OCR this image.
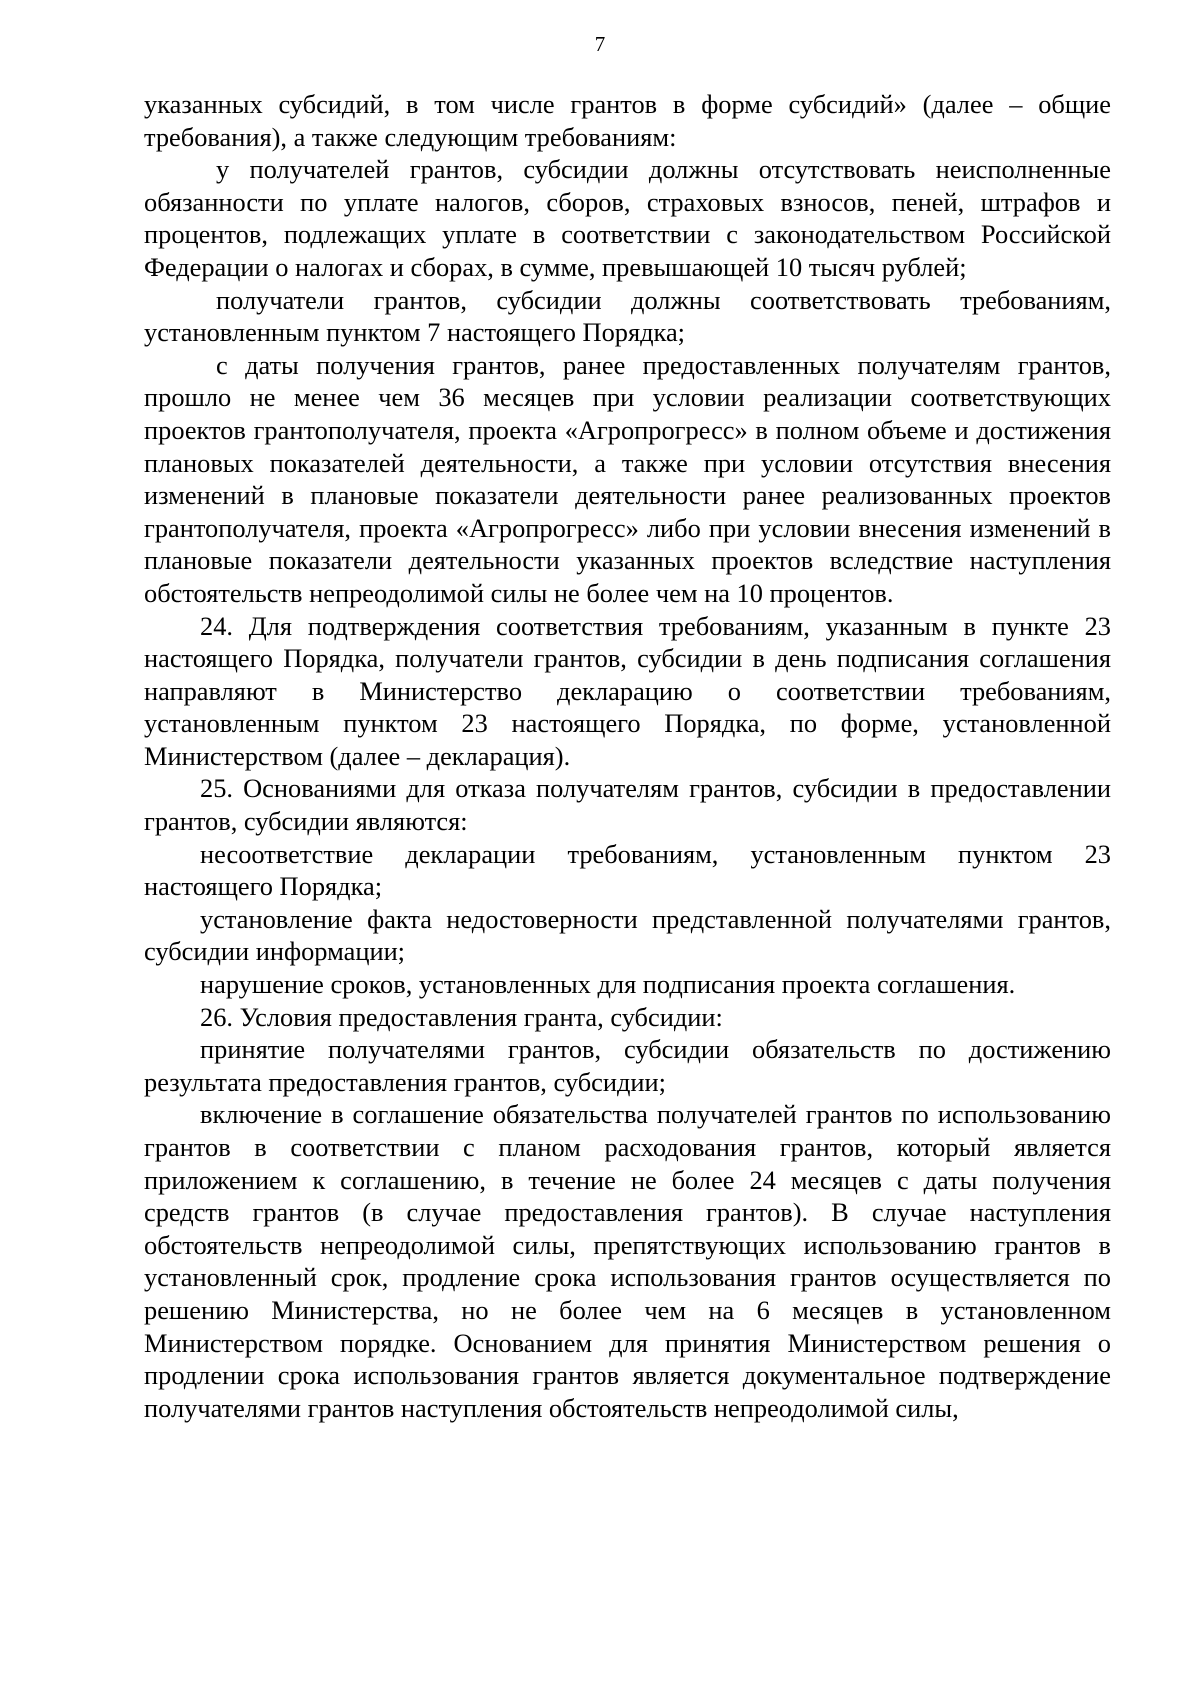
7

указанных субсидий, в том числе грантов в форме субсидий» (далее – общие требования), а также следующим требованиям:

у получателей грантов, субсидии должны отсутствовать неисполненные обязанности по уплате налогов, сборов, страховых взносов, пеней, штрафов и процентов, подлежащих уплате в соответствии с законодательством Российской Федерации о налогах и сборах, в сумме, превышающей 10 тысяч рублей;

получатели грантов, субсидии должны соответствовать требованиям, установленным пунктом 7 настоящего Порядка;

с даты получения грантов, ранее предоставленных получателям грантов, прошло не менее чем 36 месяцев при условии реализации соответствующих проектов грантополучателя, проекта «Агропрогресс» в полном объеме и достижения плановых показателей деятельности, а также при условии отсутствия внесения изменений в плановые показатели деятельности ранее реализованных проектов грантополучателя, проекта «Агропрогресс» либо при условии внесения изменений в плановые показатели деятельности указанных проектов вследствие наступления обстоятельств непреодолимой силы не более чем на 10 процентов.

24. Для подтверждения соответствия требованиям, указанным в пункте 23 настоящего Порядка, получатели грантов, субсидии в день подписания соглашения направляют в Министерство декларацию о соответствии требованиям, установленным пунктом 23 настоящего Порядка, по форме, установленной Министерством (далее – декларация).

25. Основаниями для отказа получателям грантов, субсидии в предоставлении грантов, субсидии являются:

несоответствие декларации требованиям, установленным пунктом 23 настоящего Порядка;

установление факта недостоверности представленной получателями грантов, субсидии информации;

нарушение сроков, установленных для подписания проекта соглашения.

26. Условия предоставления гранта, субсидии:

принятие получателями грантов, субсидии обязательств по достижению результата предоставления грантов, субсидии;

включение в соглашение обязательства получателей грантов по использованию грантов в соответствии с планом расходования грантов, который является приложением к соглашению, в течение не более 24 месяцев с даты получения средств грантов (в случае предоставления грантов). В случае наступления обстоятельств непреодолимой силы, препятствующих использованию грантов в установленный срок, продление срока использования грантов осуществляется по решению Министерства, но не более чем на 6 месяцев в установленном Министерством порядке. Основанием для принятия Министерством решения о продлении срока использования грантов является документальное подтверждение получателями грантов наступления обстоятельств непреодолимой силы,
